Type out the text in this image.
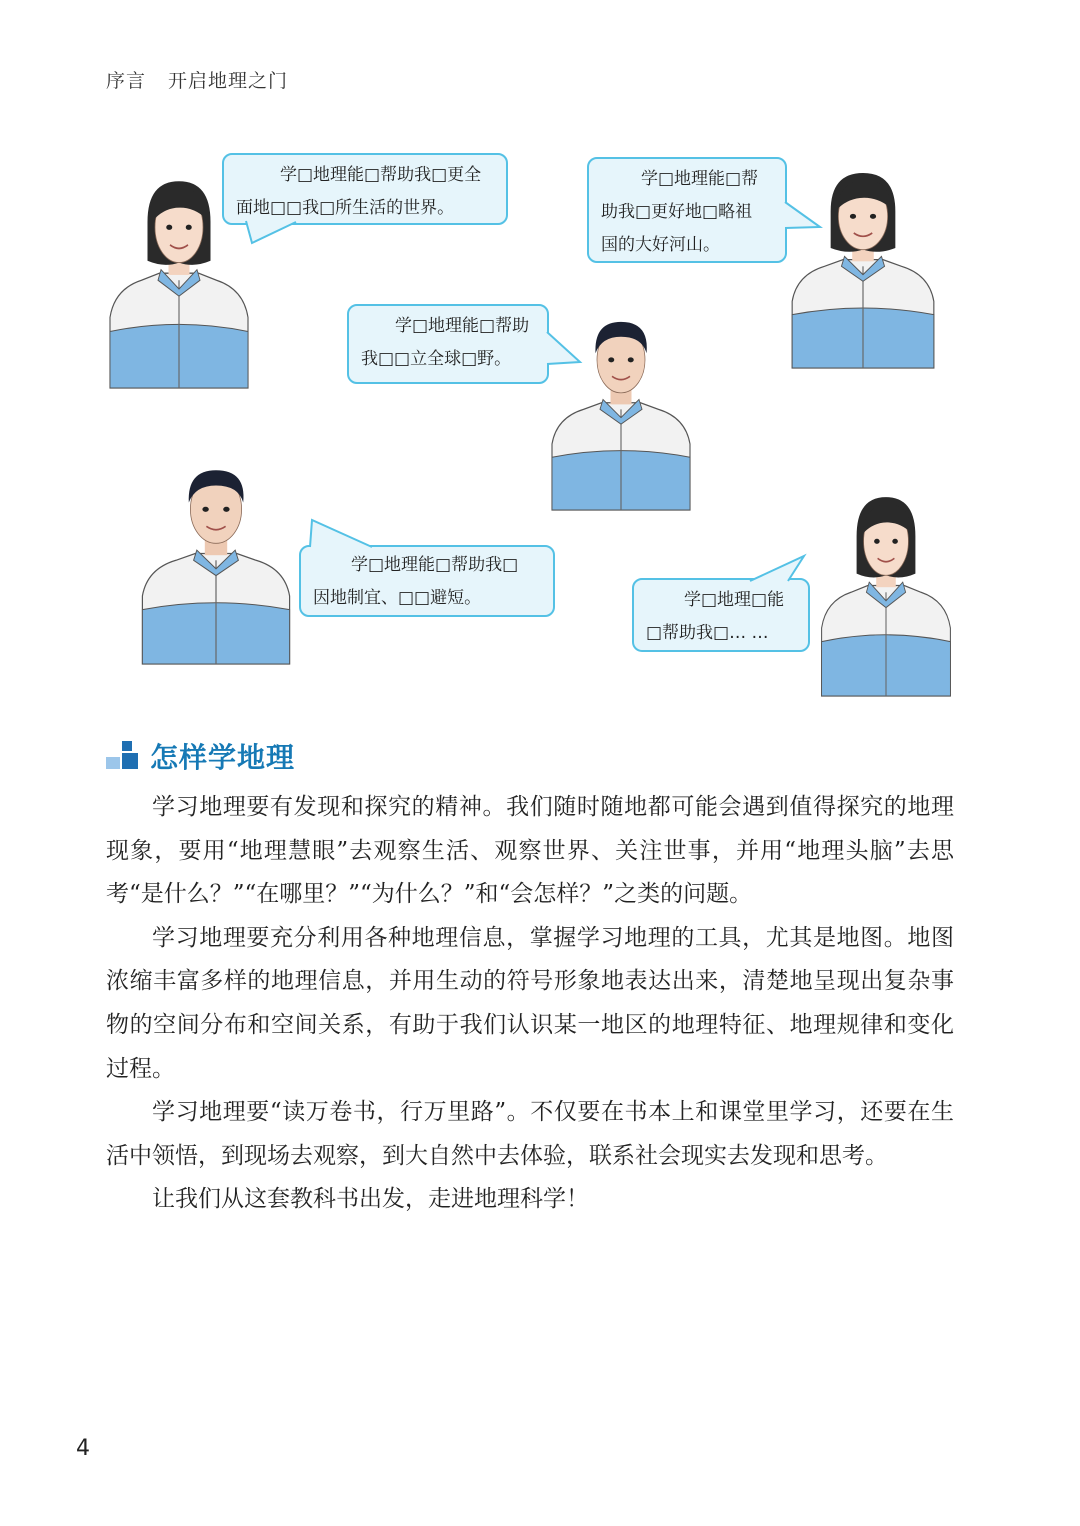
序言 开启地理之门
学□地理能□帮助我□更全
面地□□我□所生活的世界。
学□地理能□帮
助我□更好地□略祖
国的大好河山。
学□地理能□帮助
我□□立全球□野。
学□地理能□帮助我□
因地制宜、□□避短。	学□地理□能
□帮助我□… …
怎样学地理

学习地理要有发现和探究的精神。我们随时随地都可能会遇到值得探究的地理现象，要用“地理慧眼”去观察生活、观察世界、关注世事，并用“地理头脑”去思考“是什么？”“在哪里？”“为什么？”和“会怎样？”之类的问题。

学习地理要充分利用各种地理信息，掌握学习地理的工具，尤其是地图。地图浓缩丰富多样的地理信息，并用生动的符号形象地表达出来，清楚地呈现出复杂事物的空间分布和空间关系，有助于我们认识某一地区的地理特征、地理规律和变化过程。

学习地理要“读万卷书，行万里路”。不仅要在书本上和课堂里学习，还要在生活中领悟，到现场去观察，到大自然中去体验，联系社会现实去发现和思考。

让我们从这套教科书出发，走进地理科学！

4
